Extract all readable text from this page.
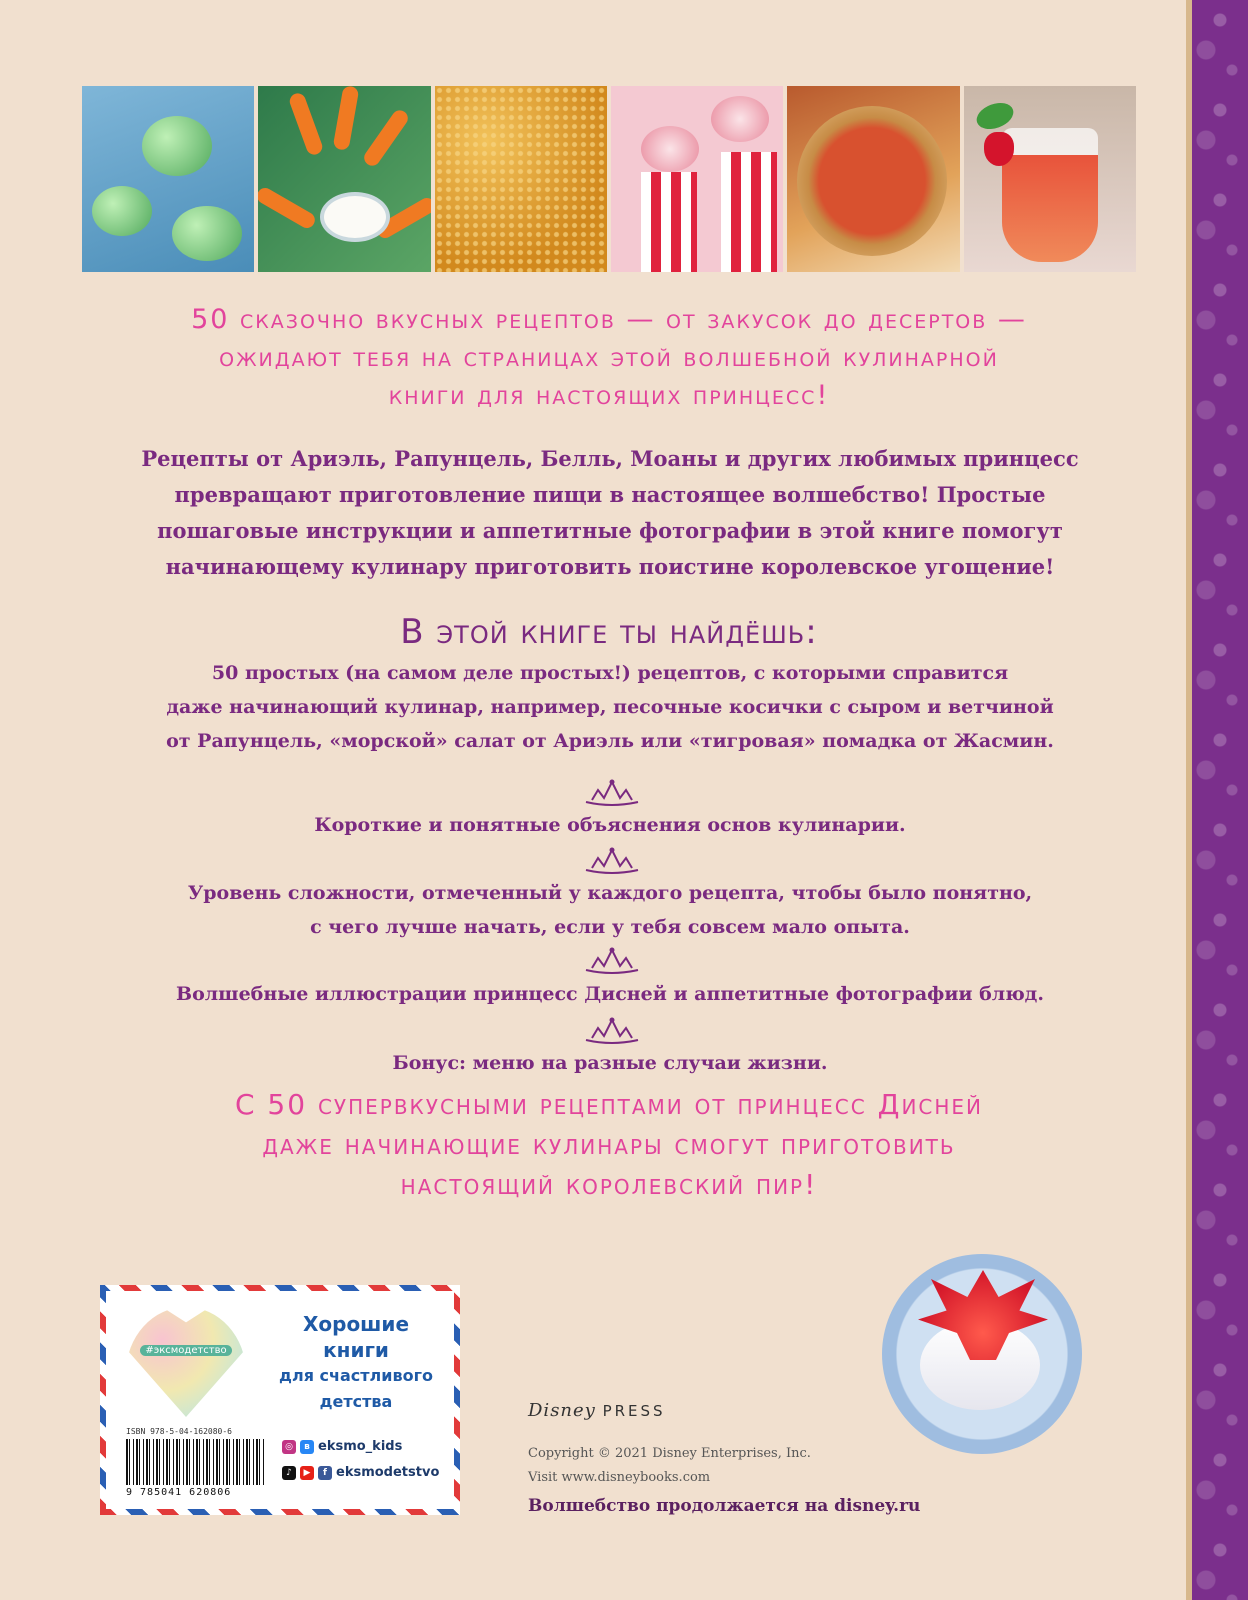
50 сказочно вкусных рецептов — от закусок до десертов —
ожидают тебя на страницах этой волшебной кулинарной
книги для настоящих принцесс!
Рецепты от Ариэль, Рапунцель, Белль, Моаны и других любимых принцесс
превращают приготовление пищи в настоящее волшебство! Простые
пошаговые инструкции и аппетитные фотографии в этой книге помогут
начинающему кулинару приготовить поистине королевское угощение!
В этой книге ты найдёшь:
50 простых (на самом деле простых!) рецептов, с которыми справится
даже начинающий кулинар, например, песочные косички с сыром и ветчиной
от Рапунцель, «морской» салат от Ариэль или «тигровая» помадка от Жасмин.
Короткие и понятные объяснения основ кулинарии.
Уровень сложности, отмеченный у каждого рецепта, чтобы было понятно,
с чего лучше начать, если у тебя совсем мало опыта.
Волшебные иллюстрации принцесс Дисней и аппетитные фотографии блюд.
Бонус: меню на разные случаи жизни.
С 50 супервкусными рецептами от принцесс Дисней
даже начинающие кулинары смогут приготовить
настоящий королевский пир!
#эксмодетство
Хорошие
книги
для счастливого
детства
ISBN 978-5-04-162080-6
9 785041 620806
◎	в eksmo_kids
♪	▶	f eksmodetstvo
Disney PRESS
Copyright © 2021 Disney Enterprises, Inc.
Visit www.disneybooks.com
Волшебство продолжается на disney.ru
